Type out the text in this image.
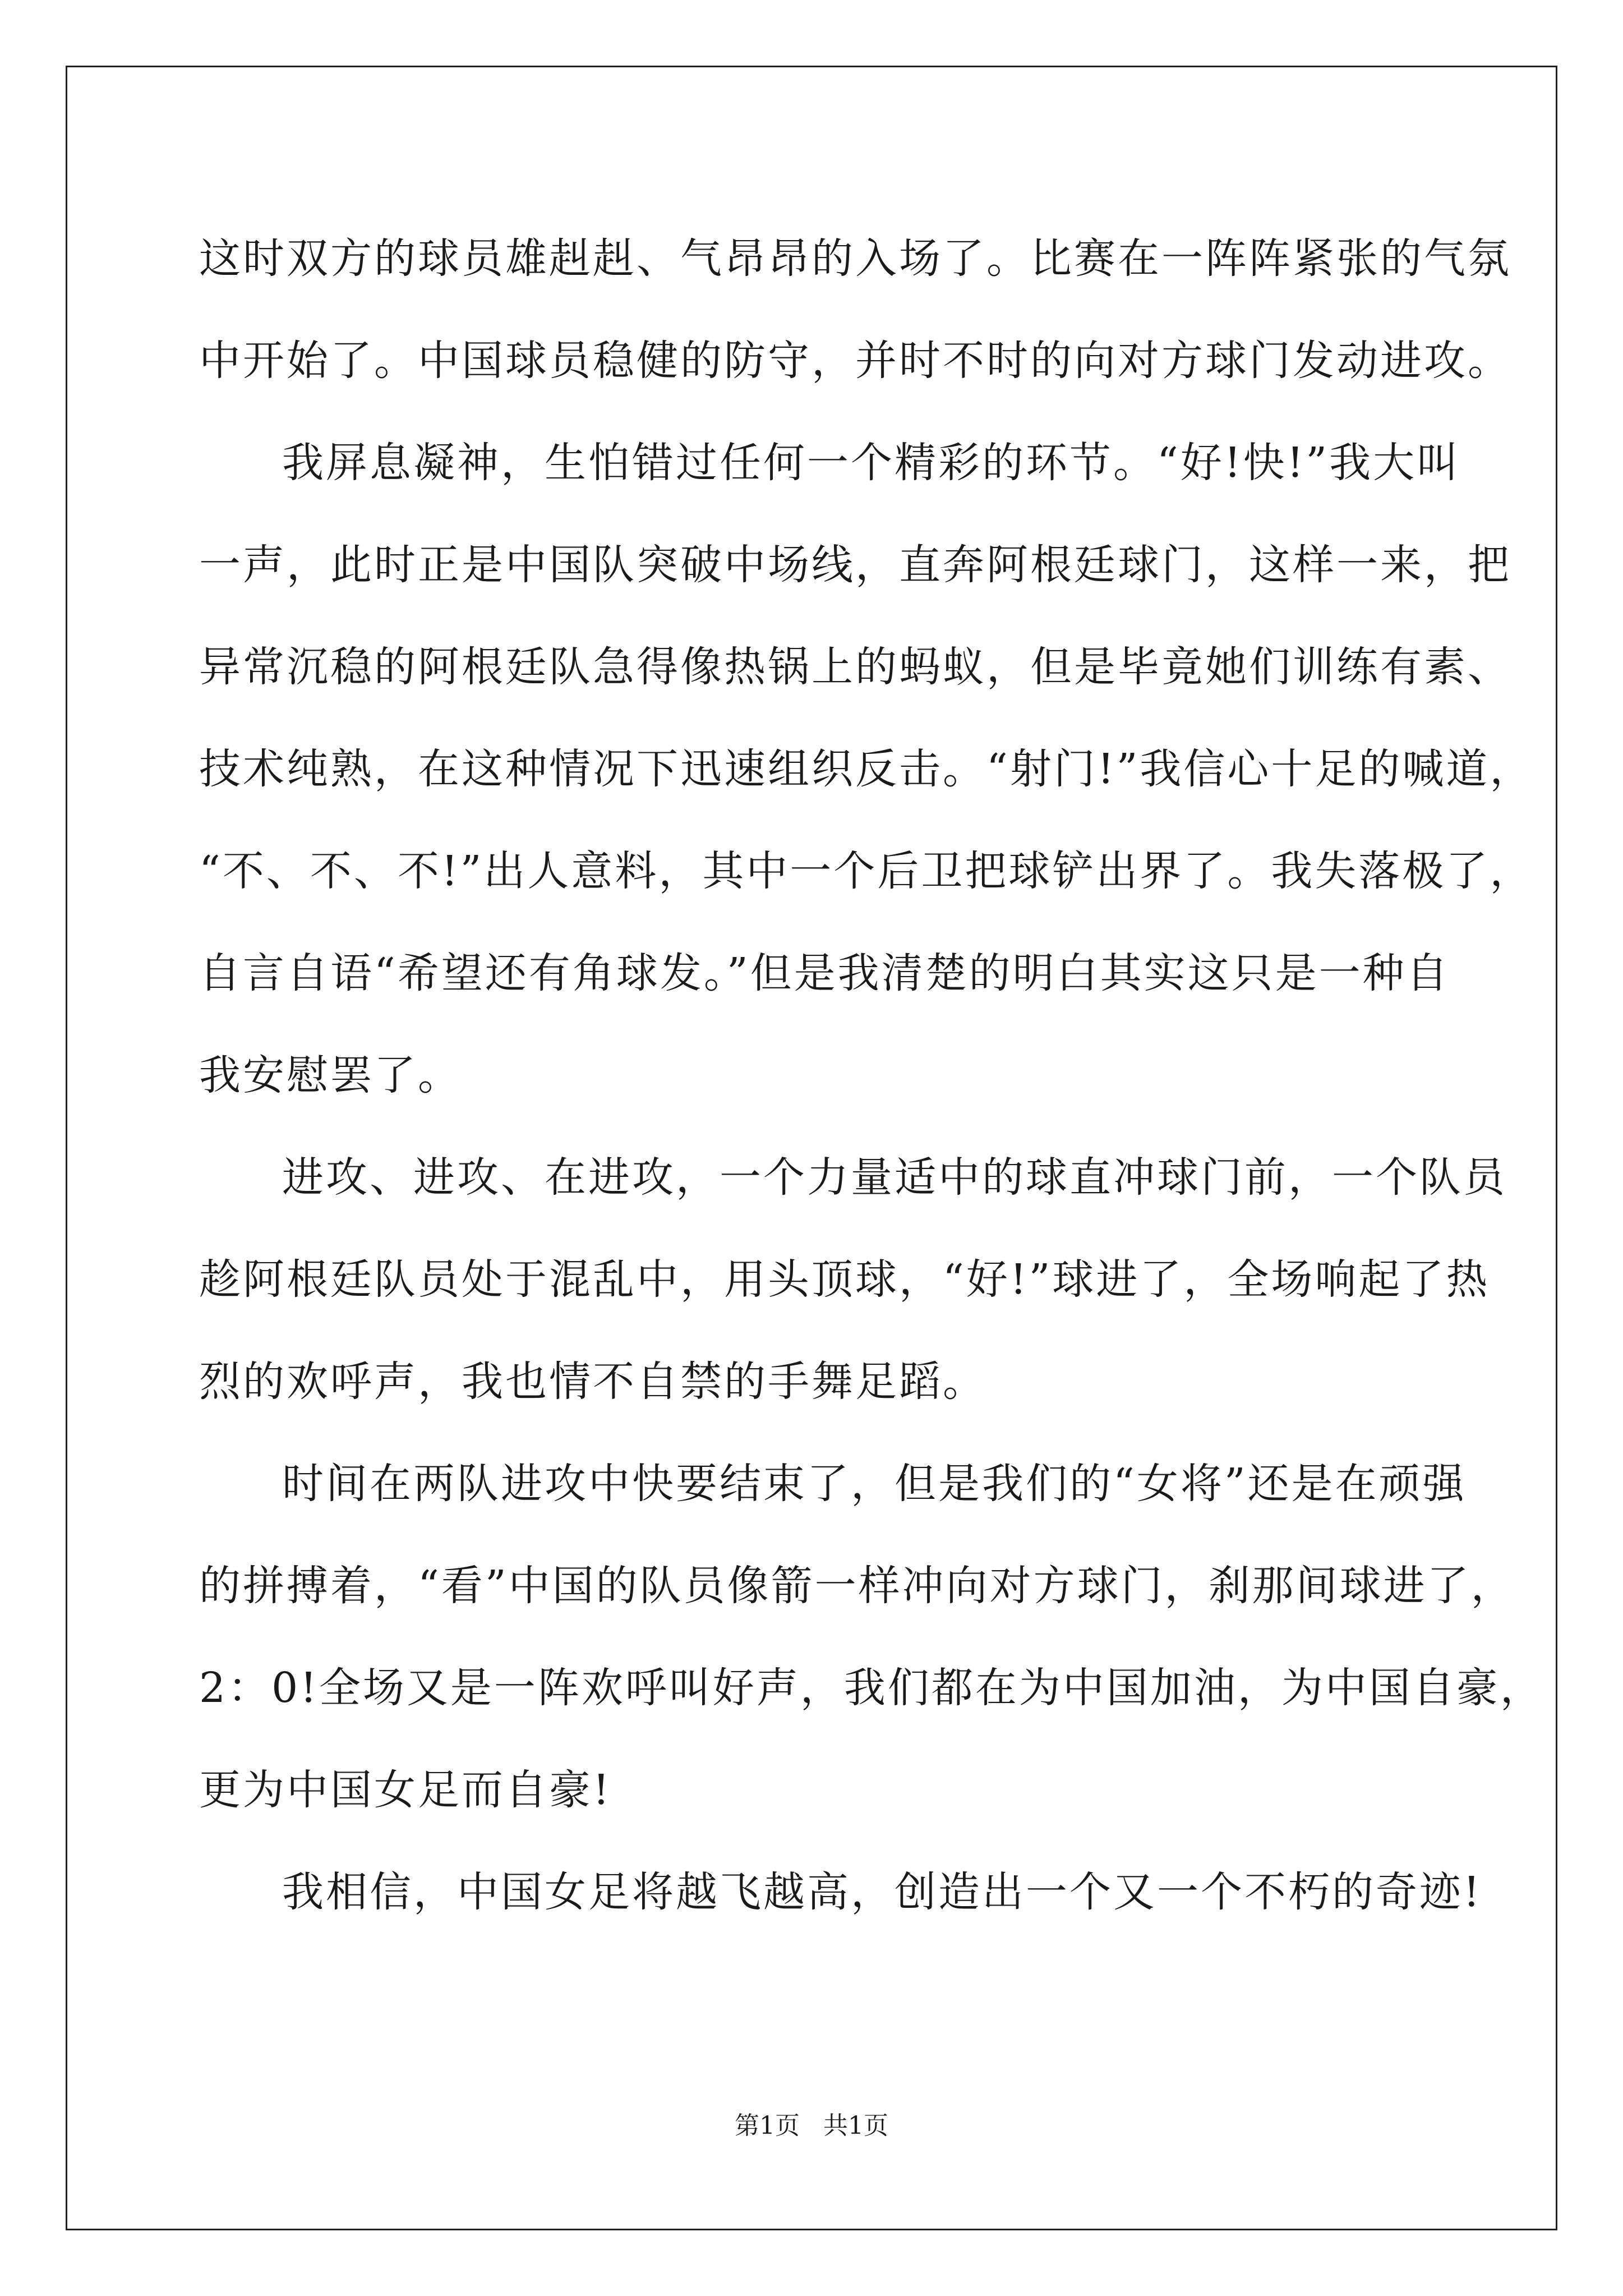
这时双方的球员雄赳赳、气昂昂的入场了。比赛在一阵阵紧张的气氛
中开始了。中国球员稳健的防守，并时不时的向对方球门发动进攻。
我屏息凝神，生怕错过任何一个精彩的环节。“好!快!”我大叫
一声，此时正是中国队突破中场线，直奔阿根廷球门，这样一来，把
异常沉稳的阿根廷队急得像热锅上的蚂蚁，但是毕竟她们训练有素、
技术纯熟，在这种情况下迅速组织反击。“射门!”我信心十足的喊道，
“不、不、不!”出人意料，其中一个后卫把球铲出界了。我失落极了，
自言自语“希望还有角球发。”但是我清楚的明白其实这只是一种自
我安慰罢了。
进攻、进攻、在进攻，一个力量适中的球直冲球门前，一个队员
趁阿根廷队员处于混乱中，用头顶球，“好!”球进了，全场响起了热
烈的欢呼声，我也情不自禁的手舞足蹈。
时间在两队进攻中快要结束了，但是我们的“女将”还是在顽强
的拼搏着，“看”中国的队员像箭一样冲向对方球门，刹那间球进了，
2：0!全场又是一阵欢呼叫好声，我们都在为中国加油，为中国自豪，
更为中国女足而自豪!
我相信，中国女足将越飞越高，创造出一个又一个不朽的奇迹!
第1页   共1页
